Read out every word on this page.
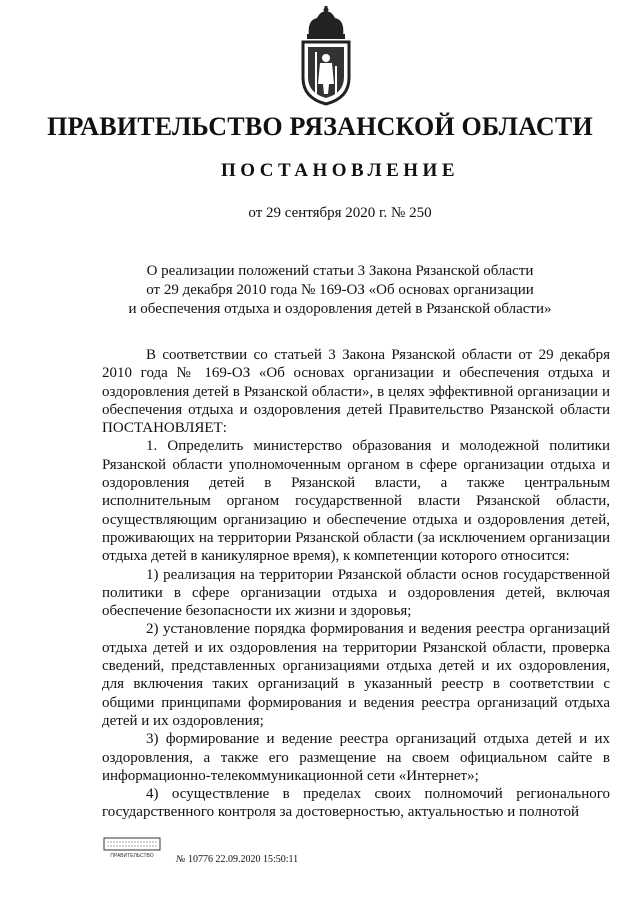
ПРАВИТЕЛЬСТВО РЯЗАНСКОЙ ОБЛАСТИ
ПОСТАНОВЛЕНИЕ
от 29 сентября 2020 г. № 250
О реализации положений статьи 3 Закона Рязанской области
от 29 декабря 2010 года № 169-ОЗ «Об основах организации
и обеспечения отдыха и оздоровления детей в Рязанской области»

В соответствии со статьей 3 Закона Рязанской области от 29 декабря 2010 года № 169-ОЗ «Об основах организации и обеспечения отдыха и оздоровления детей в Рязанской области», в целях эффективной организации и обеспечения отдыха и оздоровления детей Правительство Рязанской области ПОСТАНОВЛЯЕТ:

1. Определить министерство образования и молодежной политики Рязанской области уполномоченным органом в сфере организации отдыха и оздоровления детей в Рязанской власти, а также центральным исполнительным органом государственной власти Рязанской области, осуществляющим организацию и обеспечение отдыха и оздоровления детей, проживающих на территории Рязанской области (за исключением организации отдыха детей в каникулярное время), к компетенции которого относится:

1) реализация на территории Рязанской области основ государственной политики в сфере организации отдыха и оздоровления детей, включая обеспечение безопасности их жизни и здоровья;

2) установление порядка формирования и ведения реестра организаций отдыха детей и их оздоровления на территории Рязанской области, проверка сведений, представленных организациями отдыха детей и их оздоровления, для включения таких организаций в указанный реестр в соответствии с общими принципами формирования и ведения реестра организаций отдыха детей и их оздоровления;

3) формирование и ведение реестра организаций отдыха детей и их оздоровления, а также его размещение на своем официальном сайте в информационно-телекоммуникационной сети «Интернет»;

4) осуществление в пределах своих полномочий регионального государственного контроля за достоверностью, актуальностью и полнотой

ПРАВИТЕЛЬСТВО № 10776 22.09.2020 15:50:11
